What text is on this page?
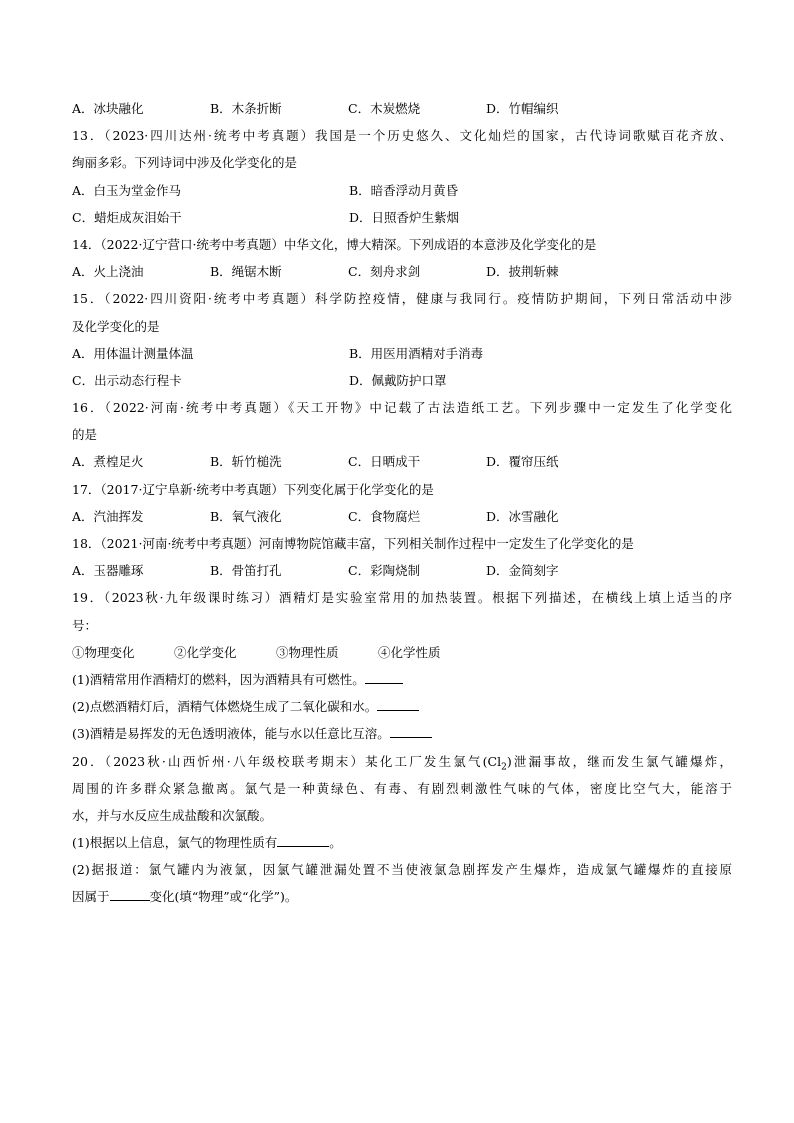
A．冰块融化	B．木条折断	C．木炭燃烧	D．竹帽编织
13．（2023·四川达州·统考中考真题）我国是一个历史悠久、文化灿烂的国家，古代诗词歌赋百花齐放、
绚丽多彩。下列诗词中涉及化学变化的是
A．白玉为堂金作马	B．暗香浮动月黄昏
C．蜡炬成灰泪始干	D．日照香炉生紫烟
14．（2022·辽宁营口·统考中考真题）中华文化，博大精深。下列成语的本意涉及化学变化的是
A．火上浇油	B．绳锯木断	C．刻舟求剑	D．披荆斩棘
15．（2022·四川资阳·统考中考真题）科学防控疫情，健康与我同行。疫情防护期间，下列日常活动中涉
及化学变化的是
A．用体温计测量体温	B．用医用酒精对手消毒
C．出示动态行程卡	D．佩戴防护口罩
16．（2022·河南·统考中考真题）《天工开物》中记载了古法造纸工艺。下列步骤中一定发生了化学变化
的是
A．煮楻足火	B．斩竹槌洗	C．日晒成干	D．覆帘压纸
17．（2017·辽宁阜新·统考中考真题）下列变化属于化学变化的是
A．汽油挥发	B．氧气液化	C．食物腐烂	D．冰雪融化
18．（2021·河南·统考中考真题）河南博物院馆藏丰富，下列相关制作过程中一定发生了化学变化的是
A．玉器雕琢	B．骨笛打孔	C．彩陶烧制	D．金简刻字
19．（2023秋·九年级课时练习）酒精灯是实验室常用的加热装置。根据下列描述，在横线上填上适当的序
号：
①物理变化	②化学变化	③物理性质	④化学性质
(1)酒精常用作酒精灯的燃料，因为酒精具有可燃性。
(2)点燃酒精灯后，酒精气体燃烧生成了二氧化碳和水。
(3)酒精是易挥发的无色透明液体，能与水以任意比互溶。
20．（2023秋·山西忻州·八年级校联考期末）某化工厂发生氯气$(Cl_2)$泄漏事故，继而发生氯气罐爆炸，
周围的许多群众紧急撤离。氯气是一种黄绿色、有毒、有剧烈刺激性气味的气体，密度比空气大，能溶于
水，并与水反应生成盐酸和次氯酸。
(1)根据以上信息，氯气的物理性质有	。
(2)据报道：氯气罐内为液氯，因氯气罐泄漏处置不当使液氯急剧挥发产生爆炸，造成氯气罐爆炸的直接原
因属于	变化(填“物理”或“化学”)。
